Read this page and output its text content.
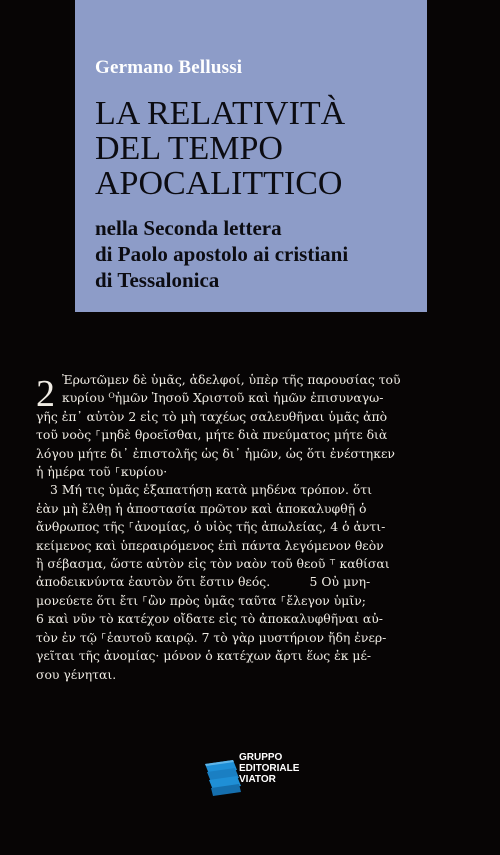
Germano Bellussi
LA RELATIVITÀ
DEL TEMPO
APOCALITTICO
nella Seconda lettera
di Paolo apostolo ai cristiani
di Tessalonica
2 Ἐρωτῶμεν δὲ ὑμᾶς, ἀδελφοί, ὑπὲρ τῆς παρουσίας τοῦ
κυρίου ᴼἡμῶν Ἰησοῦ Χριστοῦ καὶ ἡμῶν ἐπισυναγω-
γῆς ἐπ᾽ αὐτὸν 2 εἰς τὸ μὴ ταχέως σαλευθῆναι ὑμᾶς ἀπὸ
τοῦ νοὸς ⸀μηδὲ θροεῖσθαι, μήτε διὰ πνεύματος μήτε διὰ
λόγου μήτε δι᾽ ἐπιστολῆς ὡς δι᾽ ἡμῶν, ὡς ὅτι ἐνέστηκεν
ἡ ἡμέρα τοῦ ⸀κυρίου·
3 Μή τις ὑμᾶς ἐξαπατήσῃ κατὰ μηδένα τρόπον. ὅτι
ἐὰν μὴ ἔλθῃ ἡ ἀποστασία πρῶτον καὶ ἀποκαλυφθῇ ὁ
ἄνθρωπος τῆς ⸀ἀνομίας, ὁ υἱὸς τῆς ἀπωλείας, 4 ὁ ἀντι-
κείμενος καὶ ὑπεραιρόμενος ἐπὶ πάντα λεγόμενον θεὸν
ἢ σέβασμα, ὥστε αὐτὸν εἰς τὸν ναὸν τοῦ θεοῦ ⸆ καθίσαι
ἀποδεικνύντα ἑαυτὸν ὅτι ἔστιν θεός.          5 Οὐ μνη-
μονεύετε ὅτι ἔτι ⸀ὢν πρὸς ὑμᾶς ταῦτα ⸀ἔλεγον ὑμῖν;
6 καὶ νῦν τὸ κατέχον οἴδατε εἰς τὸ ἀποκαλυφθῆναι αὐ-
τὸν ἐν τῷ ⸀ἑαυτοῦ καιρῷ. 7 τὸ γὰρ μυστήριον ἤδη ἐνερ-
γεῖται τῆς ἀνομίας· μόνον ὁ κατέχων ἄρτι ἕως ἐκ μέ-
σου γένηται.
GRUPPO
EDITORIALE
VIATOR
